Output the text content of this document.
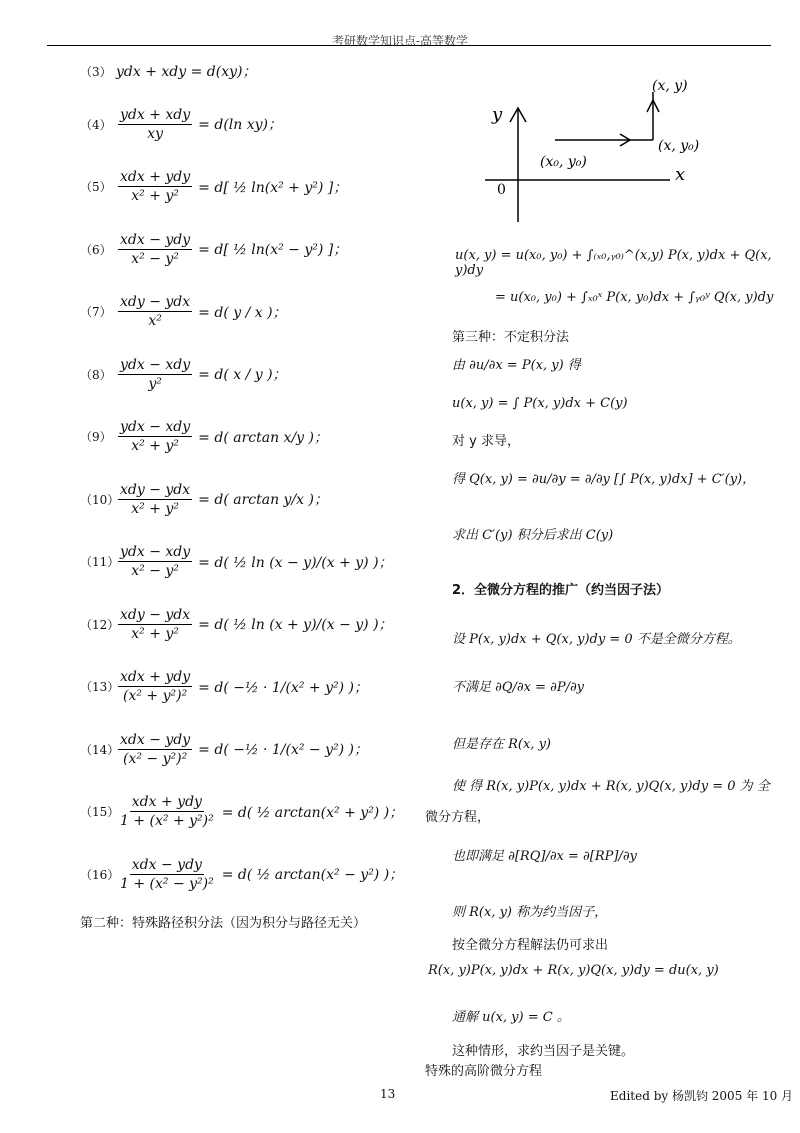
考研数学知识点-高等数学
（3） ydx + xdy = d(xy)；
$(4) \frac{\text{ydx + xdy}}{xy} = d(\ln$ xy)；
$(5) \frac{\text{xdx + ydy}}{\text{x² + y²}} = d$[ ½ ln(x² + y²) ]；
$(6) \frac{\text{xdx − ydy}}{\text{x² − y²}} = d$[ ½ ln(x² − y²) ]；
$(7) \frac{\text{xdy − ydx}}{\text{x²}} = d$( y / x )；
$(8) \frac{\text{ydx − xdy}}{\text{y²}} = d$( x / y )；
$(9) \frac{\text{ydx − xdy}}{\text{x² + y²}} = d$( arctan x/y )；
（10）
$\frac{\text{xdy − ydx}}{\text{x² + y²}} = d$( arctan y/x )；
（11）
$\frac{\text{ydx − xdy}}{\text{x² − y²}} = d$( ½ ln (x − y)/(x + y) )；
（12）
$\frac{\text{xdy − ydx}}{\text{x² + y²}} = d$( ½ ln (x + y)/(x − y) )；
（13）
$\frac{\text{xdx + ydy}}{\text{(x² + y²)²}} = d$( −½ · 1/(x² + y²) )；
（14）
$\frac{\text{xdx − ydy}}{\text{(x² − y²)²}} = d$( −½ · 1/(x² − y²) )；
（15）
$\frac{\text{xdx + ydy}}{\text{1 + (x² + y²)²}} = d$( ½ arctan(x² + y²) )；
（16）
$\frac{\text{xdx − ydy}}{\text{1 + (x² − y²)²}} = d$( ½ arctan(x² − y²) )；
第二种：特殊路径积分法（因为积分与路径无关）
y
0
x
(x₀, y₀)
(x, y₀)
(x, y)
u(x, y) = u(x₀, y₀) + ∫₍ₓ₀,ᵧ₀₎^(x,y) P(x, y)dx + Q(x, y)dy
= u(x₀, y₀) + ∫ₓ₀ˣ P(x, y₀)dx + ∫ᵧ₀ʸ Q(x, y)dy
第三种：不定积分法
由 ∂u/∂x = P(x, y) 得
u(x, y) = ∫ P(x, y)dx + C(y)
对 y 求导，
得 Q(x, y) = ∂u/∂y = ∂/∂y [∫ P(x, y)dx] + C′(y)，
求出 C′(y) 积分后求出 C(y)
2．全微分方程的推广（约当因子法）
设 P(x, y)dx + Q(x, y)dy = 0 不是全微分方程。
不满足 ∂Q/∂x = ∂P/∂y
但是存在 R(x, y)
使 得 R(x, y)P(x, y)dx + R(x, y)Q(x, y)dy = 0 为 全
微分方程，
也即满足 ∂[RQ]/∂x = ∂[RP]/∂y
则 R(x, y) 称为约当因子，
按全微分方程解法仍可求出
R(x, y)P(x, y)dx + R(x, y)Q(x, y)dy = du(x, y)
通解 u(x, y) = C 。
这种情形，求约当因子是关键。
特殊的高阶微分方程
13	Edited by 杨凯钧 2005 年 10 月
